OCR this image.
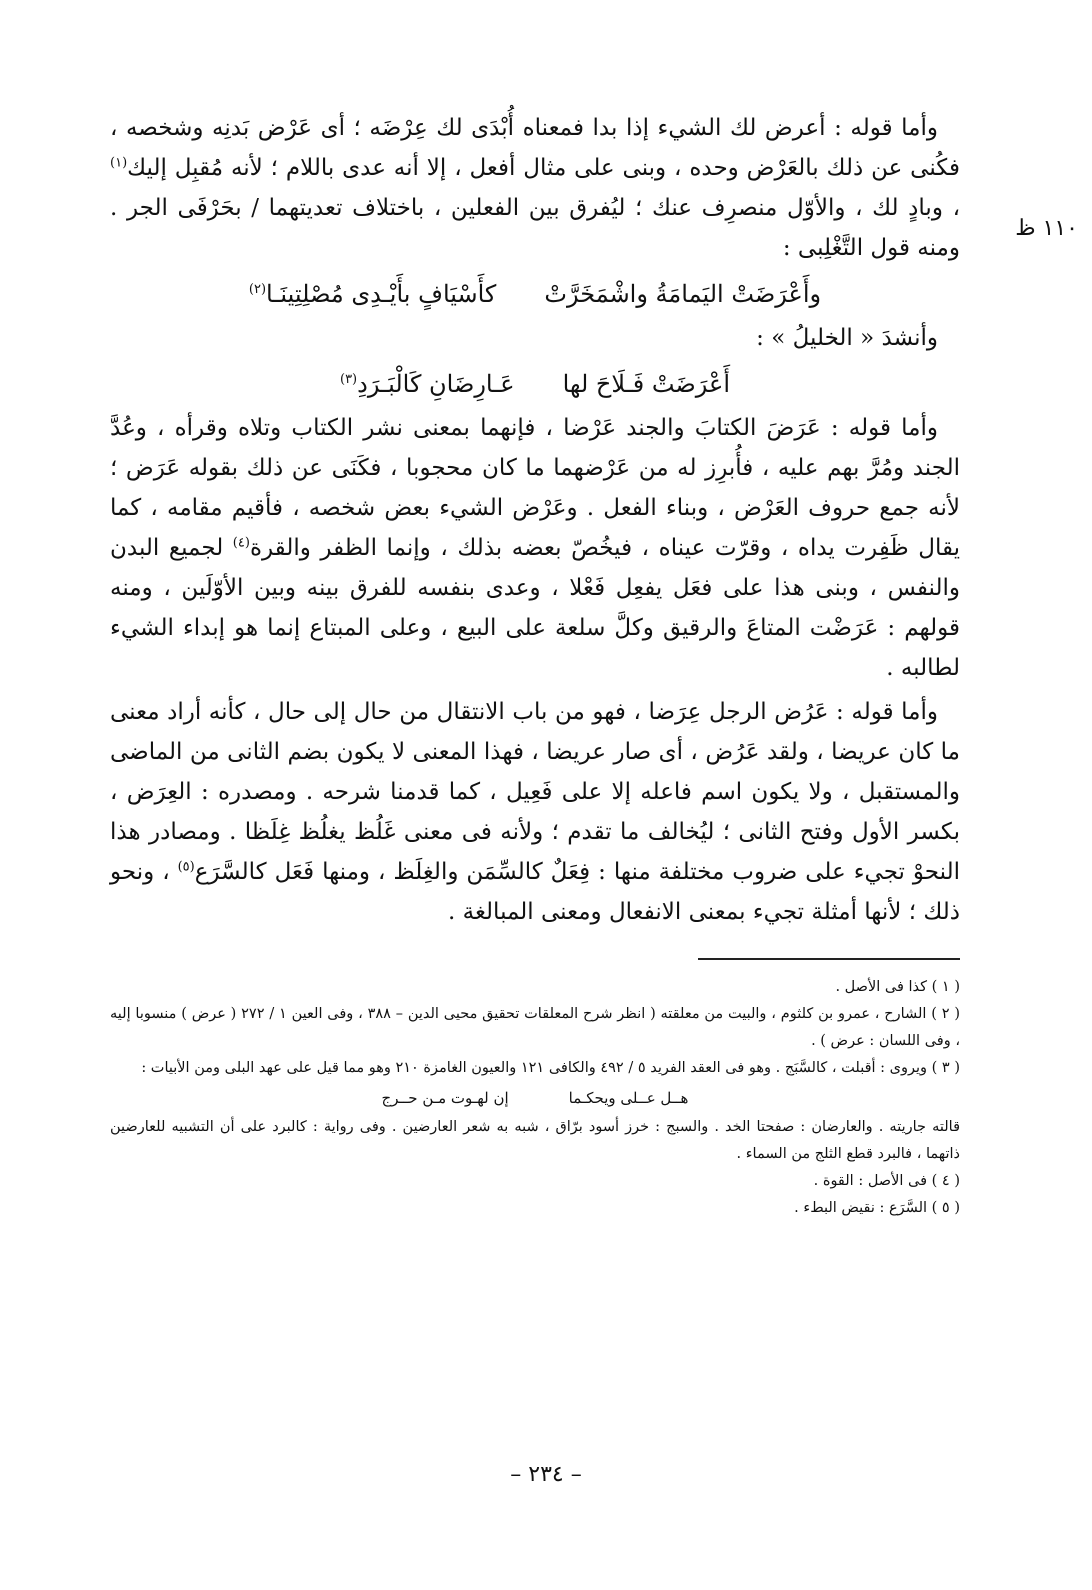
١١٠ ظ

وأما قوله : أعرض لك الشيء إذا بدا فمعناه أُبْدَى لك عِرْضَه ؛ أى عَرْض بَدنِه وشخصه ، فكُنى عن ذلك بالعَرْض وحده ، وبنى على مثال أفعل ، إلا أنه عدى باللام ؛ لأنه مُقبِل إليك$^{(١)}$ ، وبادٍ لك ، والأوّل منصرِف عنك ؛ ليُفرق بين الفعلين ، باختلاف تعديتهما / بحَرْفَى الجر . ومنه قول التَّغْلِبى :

وأَعْرَضَتْ اليَمامَةُ واشْمَخَرَّتْ
كأَسْيَافٍ بأَيْـدِى مُصْلِتِينَـا$^{(٢)}$

وأنشدَ « الخليلُ » :

أَعْرَضَتْ فَـلَاحَ لها
عَـارِضَانِ كَالْبَـرَدِ$^{(٣)}$

وأما قوله : عَرَضَ الكتابَ والجند عَرْضا ، فإنهما بمعنى نشر الكتاب وتلاه وقرأه ، وعُدَّ الجند ومُرَّ بهم عليه ، فأُبرِز له من عَرْضهما ما كان محجوبا ، فكَنَى عن ذلك بقوله عَرَض ؛ لأنه جمع حروف العَرْض ، وبناء الفعل . وعَرْض الشيء بعض شخصه ، فأقيم مقامه ، كما يقال ظَفِرت يداه ، وقرّت عيناه ، فيخُصّ بعضه بذلك ، وإنما الظفر والقرة$^{(٤)}$ لجميع البدن والنفس ، وبنى هذا على فعَل يفعِل فَعْلا ، وعدى بنفسه للفرق بينه وبين الأوّلَين ، ومنه قولهم : عَرَضْت المتاعَ والرقيق وكلَّ سلعة على البيع ، وعلى المبتاع إنما هو إبداء الشيء لطالبه .

وأما قوله : عَرُض الرجل عِرَضا ، فهو من باب الانتقال من حال إلى حال ، كأنه أراد معنى ما كان عريضا ، ولقد عَرُض ، أى صار عريضا ، فهذا المعنى لا يكون بضم الثانى من الماضى والمستقبل ، ولا يكون اسم فاعله إلا على فَعِيل ، كما قدمنا شرحه . ومصدره : العِرَض ، بكسر الأول وفتح الثانى ؛ ليُخالف ما تقدم ؛ ولأنه فى معنى غَلُظ يغلُظ غِلَظا . ومصادر هذا النحوْ تجيء على ضروب مختلفة منها : فِعَلٌ كالسِّمَن والغِلَظ ، ومنها فَعَل كالسَّرَع$^{(٥)}$ ، ونحو ذلك ؛ لأنها أمثلة تجيء بمعنى الانفعال ومعنى المبالغة .

( ١ ) كذا فى الأصل .

( ٢ ) الشارح ، عمرو بن كلثوم ، والبيت من معلقته ( انظر شرح المعلقات تحقيق محيى الدين – ٣٨٨ ، وفى العين ١ / ٢٧٢ ( عرض ) منسوبا إليه ، وفى اللسان : عرض ) .

( ٣ ) ويروى : أقبلت ، كالسَّبَج . وهو فى العقد الفريد ٥ / ٤٩٢ والكافى ١٢١ والعيون الغامزة ٢١٠ وهو مما قيل على عهد البلى ومن الأبيات :

هــل عــلى ويحكـما
إن لهـوت مـن حــرج

قالته جاريته . والعارضان : صفحتا الخد . والسبج : خرز أسود برّاق ، شبه به شعر العارضين . وفى رواية : كالبرد على أن التشبيه للعارضين ذاتهما ، فالبرد قطع الثلج من السماء .

( ٤ ) فى الأصل : القوة .

( ٥ ) السَّرَع : نقيض البطء .

– ٢٣٤ –
